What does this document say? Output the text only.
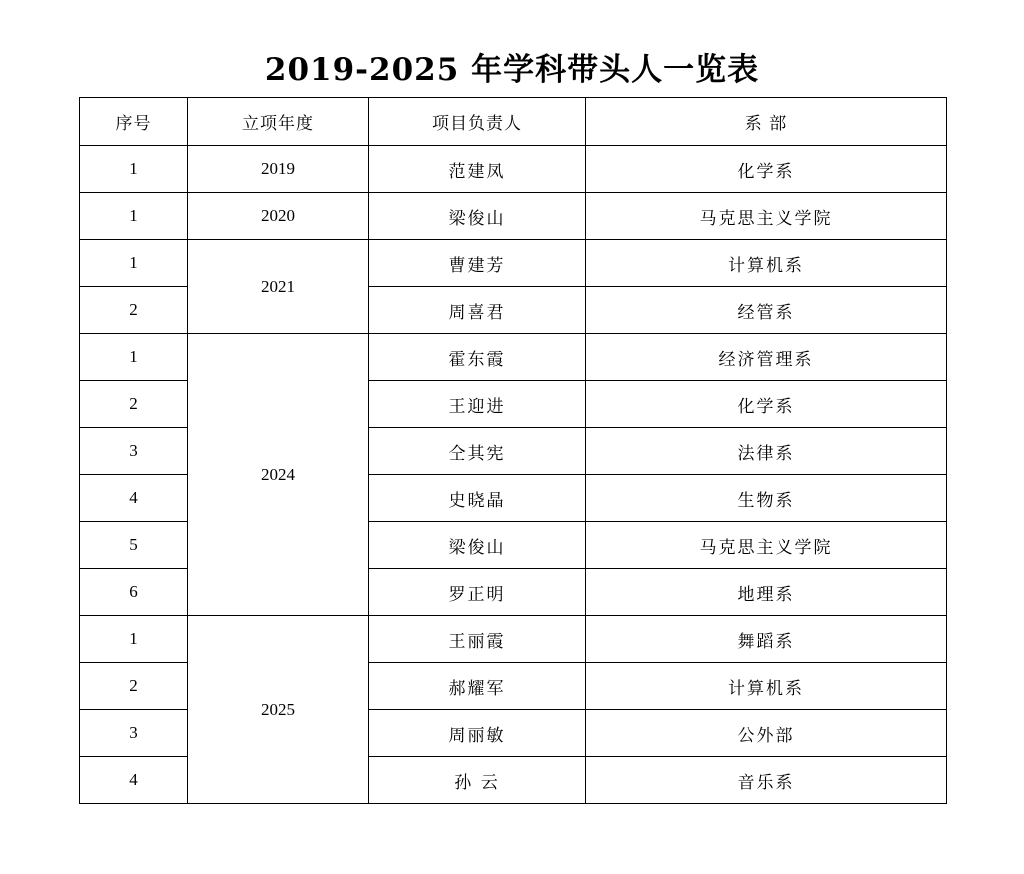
2019-2025 年学科带头人一览表
序号	立项年度	项目负责人	系 部
1	2019	范建凤	化学系
1	2020	梁俊山	马克思主义学院
1	2021	曹建芳	计算机系
2		周喜君	经管系
1	2024	霍东霞	经济管理系
2		王迎进	化学系
3		仝其宪	法律系
4		史晓晶	生物系
5		梁俊山	马克思主义学院
6		罗正明	地理系
1	2025	王丽霞	舞蹈系
2		郝耀军	计算机系
3		周丽敏	公外部
4		孙 云	音乐系
